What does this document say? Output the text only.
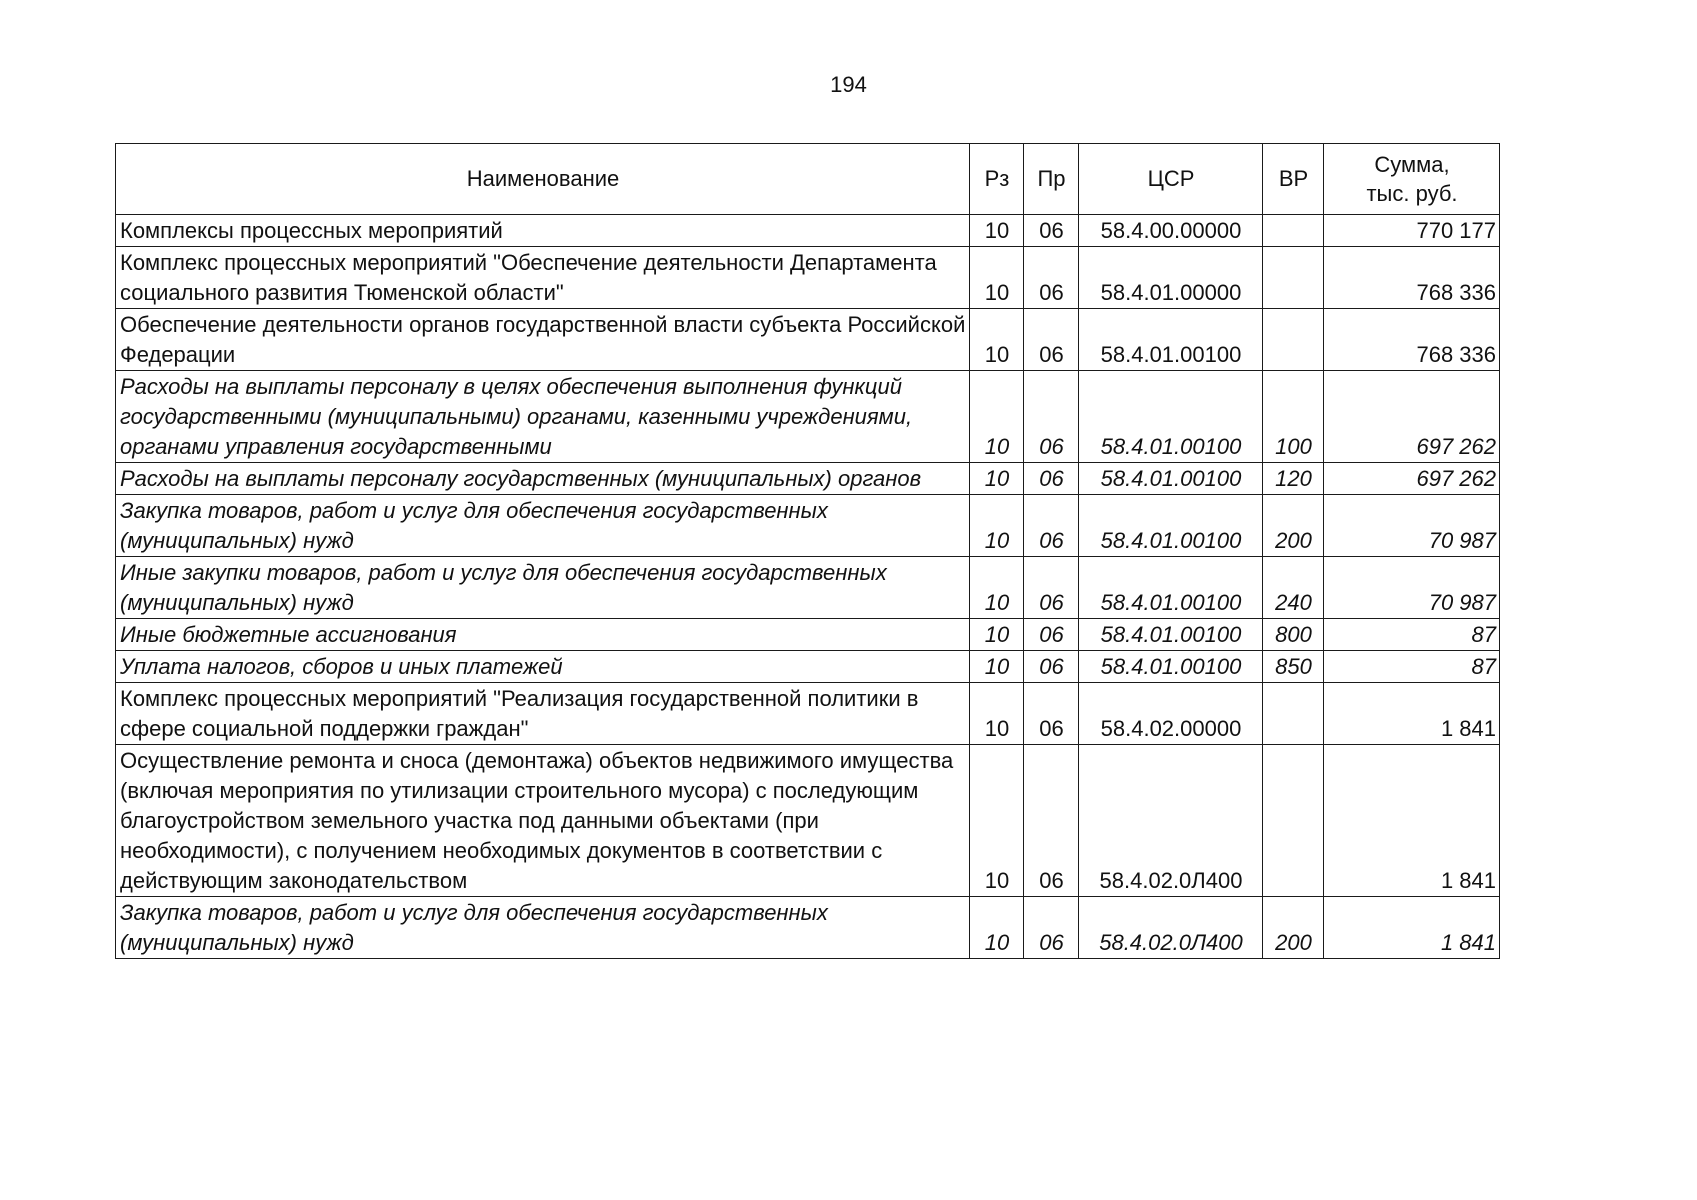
194
Наименование	Рз	Пр	ЦСР	ВР	Сумма,
тыс. руб.
Комплексы процессных мероприятий	10	06	58.4.00.00000		770 177
Комплекс процессных мероприятий "Обеспечение деятельности Департамента социального развития Тюменской области"	10	06	58.4.01.00000		768 336
Обеспечение деятельности органов государственной власти субъекта Российской Федерации	10	06	58.4.01.00100		768 336
Расходы на выплаты персоналу в целях обеспечения выполнения функций государственными (муниципальными) органами, казенными учреждениями, органами управления государственными	10	06	58.4.01.00100	100	697 262
Расходы на выплаты персоналу государственных (муниципальных) органов	10	06	58.4.01.00100	120	697 262
Закупка товаров, работ и услуг для обеспечения государственных (муниципальных) нужд	10	06	58.4.01.00100	200	70 987
Иные закупки товаров, работ и услуг для обеспечения государственных (муниципальных) нужд	10	06	58.4.01.00100	240	70 987
Иные бюджетные ассигнования	10	06	58.4.01.00100	800	87
Уплата налогов, сборов и иных платежей	10	06	58.4.01.00100	850	87
Комплекс процессных мероприятий "Реализация государственной политики в сфере социальной поддержки граждан"	10	06	58.4.02.00000		1 841
Осуществление ремонта и сноса (демонтажа) объектов недвижимого имущества (включая мероприятия по утилизации строительного мусора) с последующим благоустройством земельного участка под данными объектами (при необходимости), с получением необходимых документов в соответствии с действующим законодательством	10	06	58.4.02.0Л400		1 841
Закупка товаров, работ и услуг для обеспечения государственных (муниципальных) нужд	10	06	58.4.02.0Л400	200	1 841
